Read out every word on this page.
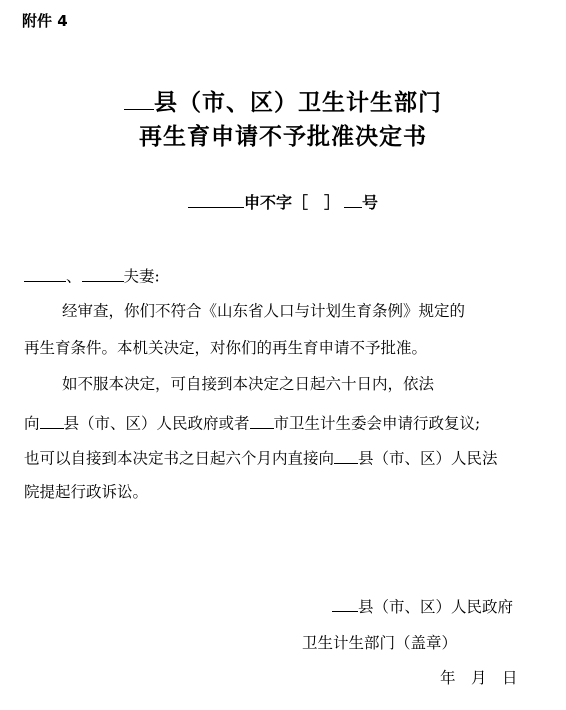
附件 4
县（市、区）卫生计生部门
再生育申请不予批准决定书
申不字［　］ 号
、	夫妻:
经审查，你们不符合《山东省人口与计划生育条例》规定的
再生育条件。本机关决定，对你们的再生育申请不予批准。
如不服本决定，可自接到本决定之日起六十日内，依法
向 县（市、区）人民政府或者 市卫生计生委会申请行政复议;
也可以自接到本决定书之日起六个月内直接向 县（市、区）人民法
院提起行政诉讼。
县（市、区）人民政府
卫生计生部门（盖章）
年　月　日
